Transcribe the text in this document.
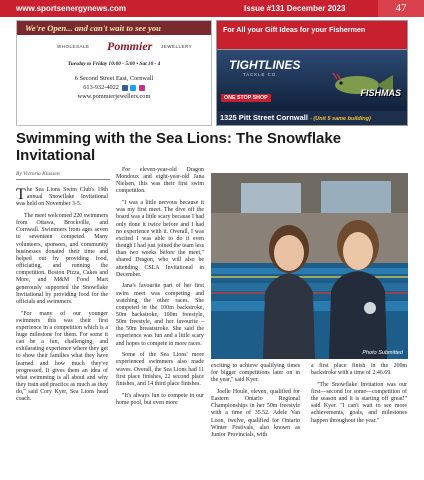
www.sportsenergynews.com	Issue #131 December 2023	47
We're Open... and can't wait to see you
WHOLESALE Pommier JEWELLERY
Tuesday to Friday 10:00 - 5:00 • Sat 10 - 4
6 Second Street East, Cornwall
613-932-4022
www.pommierjewellers.com
For All your Gift Ideas for your Fishermen
TIGHTLINES
TACKLE CO.
ONE STOP SHOP	FISHMAS
1325 Pitt Street Cornwall - (Unit 5 same building)
Swimming with the Sea Lions: The Snowflake Invitational
By Victoria Klassen

The Sea Lions Swim Club's 19th annual Snowflake Invitational was held on November 3-5.

The meet welcomed 220 swimmers from Ottawa, Brockville, and Cornwall. Swimmers from ages seven to seventeen competed. Many volunteers, sponsors, and community businesses donated their time and helped out by providing food, officiating, and running the competition. Boston Pizza, Cakes and More, and M&M Food Mart generously supported the Snowflake Invitational by providing food for the officials and swimmers.

"For many of our younger swimmers this was their first experience in a competition which is a huge milestone for them. For some it can be a fun, challenging, and exhilarating experience where they get to show their families what they have learned and how much they've progressed. It gives them an idea of what swimming is all about and why they train and practice as much as they do," said Cory Kyer, Sea Lions head coach.

For eleven-year-old Dragon Mondoux and eight-year-old Jana Nielsen, this was their first swim competition.

"I was a little nervous because it was my first meet. The dive off the board was a little scary because I had only done it twice before and I had no experience with it. Overall, I was excited I was able to do it even though I had just joined the team less than two weeks before the meet," shared Dragon, who will also be attending CSLA Invitational in December.

Jana's favourite part of her first swim meet was competing and watching the other races. She competed in the 100m backstroke, 50m backstroke, 100m freestyle, 50m freestyle, and her favourite – the 50m breaststroke. She said the experience was fun and a little scary and hopes to compete in more races.

Some of the Sea Lions' more experienced swimmers also made waves. Overall, the Sea Lions had 11 first place finishes, 22 second place finishes, and 14 third place finishes.

"It's always fun to compete in our home pool, but even more

Photo Submitted

exciting to achieve qualifying times for bigger competitions later on in the year," said Kyer.

Joelle Houle, eleven, qualified for Eastern Ontario Regional Championships in her 50m freestyle with a time of 35.52. Adele Van Loon, twelve, qualified for Ontario Winter Festivals, also known as Junior Provincials, with

a first place finish in the 200m backstroke with a time of 2:46.69.

"The Snowflake Invitation was our first—second for some—competition of the season and it is starting off great!" said Kyer. "I can't wait to see more achievements, goals, and milestones happen throughout the year."
